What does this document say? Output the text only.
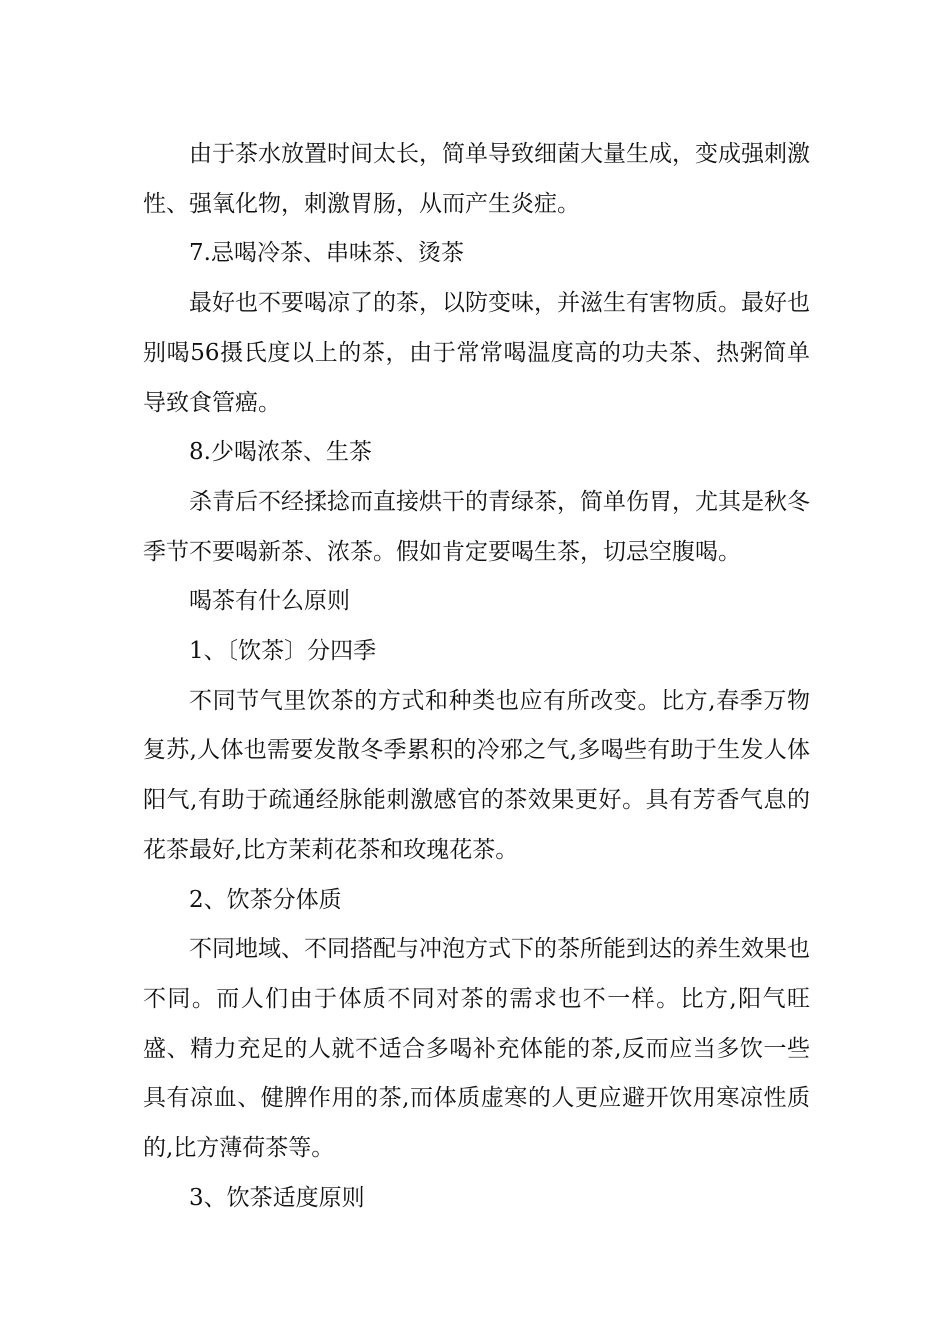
由于茶水放置时间太长，简单导致细菌大量生成，变成强刺激性、强氧化物，刺激胃肠，从而产生炎症。

7.忌喝冷茶、串味茶、烫茶

最好也不要喝凉了的茶，以防变味，并滋生有害物质。最好也别喝56摄氏度以上的茶，由于常常喝温度高的功夫茶、热粥简单导致食管癌。

8.少喝浓茶、生茶

杀青后不经揉捻而直接烘干的青绿茶，简单伤胃，尤其是秋冬季节不要喝新茶、浓茶。假如肯定要喝生茶，切忌空腹喝。

喝茶有什么原则

1、〔饮茶〕分四季

不同节气里饮茶的方式和种类也应有所改变。比方,春季万物复苏,人体也需要发散冬季累积的冷邪之气,多喝些有助于生发人体阳气,有助于疏通经脉能刺激感官的茶效果更好。具有芳香气息的花茶最好,比方茉莉花茶和玫瑰花茶。

2、饮茶分体质

不同地域、不同搭配与冲泡方式下的茶所能到达的养生效果也不同。而人们由于体质不同对茶的需求也不一样。比方,阳气旺盛、精力充足的人就不适合多喝补充体能的茶,反而应当多饮一些具有凉血、健脾作用的茶,而体质虚寒的人更应避开饮用寒凉性质的,比方薄荷茶等。

3、饮茶适度原则
